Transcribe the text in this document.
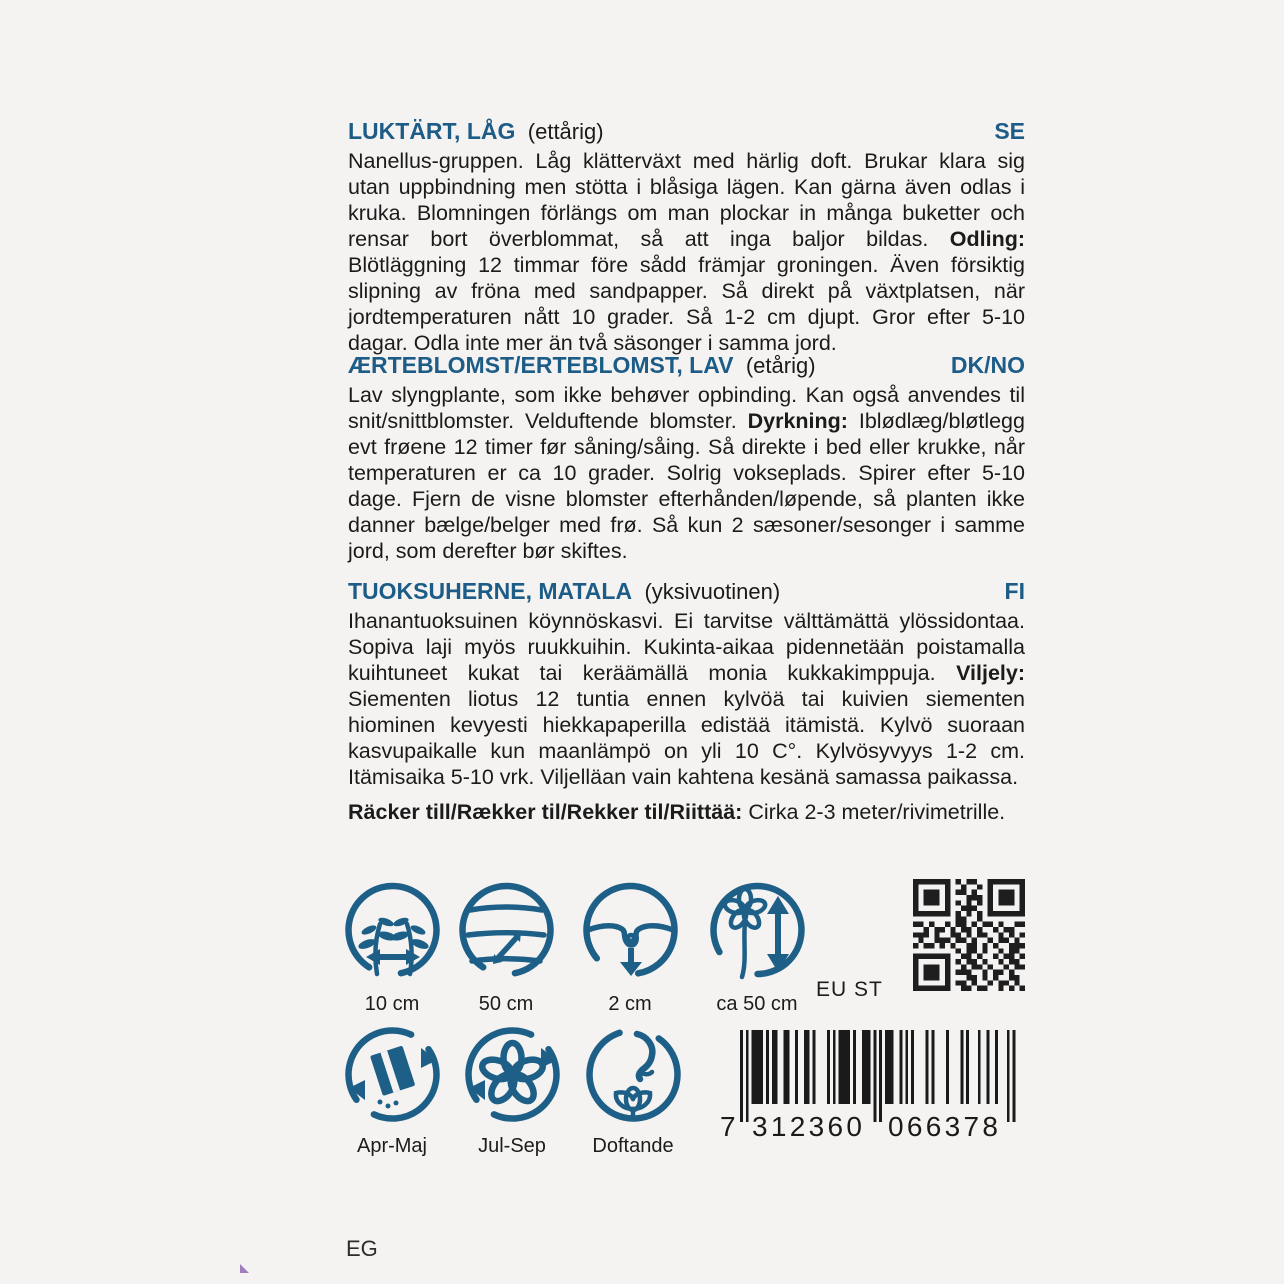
LUKTÄRT, LÅG (ettårig)	SE

Nanellus-gruppen. Låg klätterväxt med härlig doft. Brukar klara sig utan uppbindning men stötta i blåsiga lägen. Kan gärna även odlas i kruka. Blomningen förlängs om man plockar in många buketter och rensar bort överblommat, så att inga baljor bildas. Odling: Blötläggning 12 timmar före sådd främjar groningen. Även försiktig slipning av fröna med sandpapper. Så direkt på växtplatsen, när jordtemperaturen nått 10 grader. Så 1-2 cm djupt. Gror efter 5-10 dagar. Odla inte mer än två säsonger i samma jord.

ÆRTEBLOMST/ERTEBLOMST, LAV (etårig)	DK/NO

Lav slyngplante, som ikke behøver opbinding. Kan også anvendes til snit/snittblomster. Velduftende blomster. Dyrkning: Iblødlæg/bløtlegg evt frøene 12 timer før såning/såing. Så direkte i bed eller krukke, når temperaturen er ca 10 grader. Solrig vokseplads. Spirer efter 5-10 dage. Fjern de visne blomster efterhånden/løpende, så planten ikke danner bælge/belger med frø. Så kun 2 sæsoner/sesonger i samme jord, som derefter bør skiftes.

TUOKSUHERNE, MATALA (yksivuotinen)	FI

Ihanantuoksuinen köynnöskasvi. Ei tarvitse välttämättä ylössidontaa. Sopiva laji myös ruukkuihin. Kukinta-aikaa pidennetään poistamalla kuihtuneet kukat tai keräämällä monia kukkakimppuja. Viljely: Siementen liotus 12 tuntia ennen kylvöä tai kuivien siementen hiominen kevyesti hiekkapaperilla edistää itämistä. Kylvö suoraan kasvupaikalle kun maanlämpö on yli 10 C°. Kylvösyvyys 1-2 cm. Itämisaika 5-10 vrk. Viljelläan vain kahtena kesänä samassa paikassa.

Räcker till/Rækker til/Rekker til/Riittää: Cirka 2-3 meter/rivimetrille.

10 cm	50 cm	2 cm	ca 50 cm
EU ST
Apr-Maj	Jul-Sep	Doftande
7 312360 066378
EG
